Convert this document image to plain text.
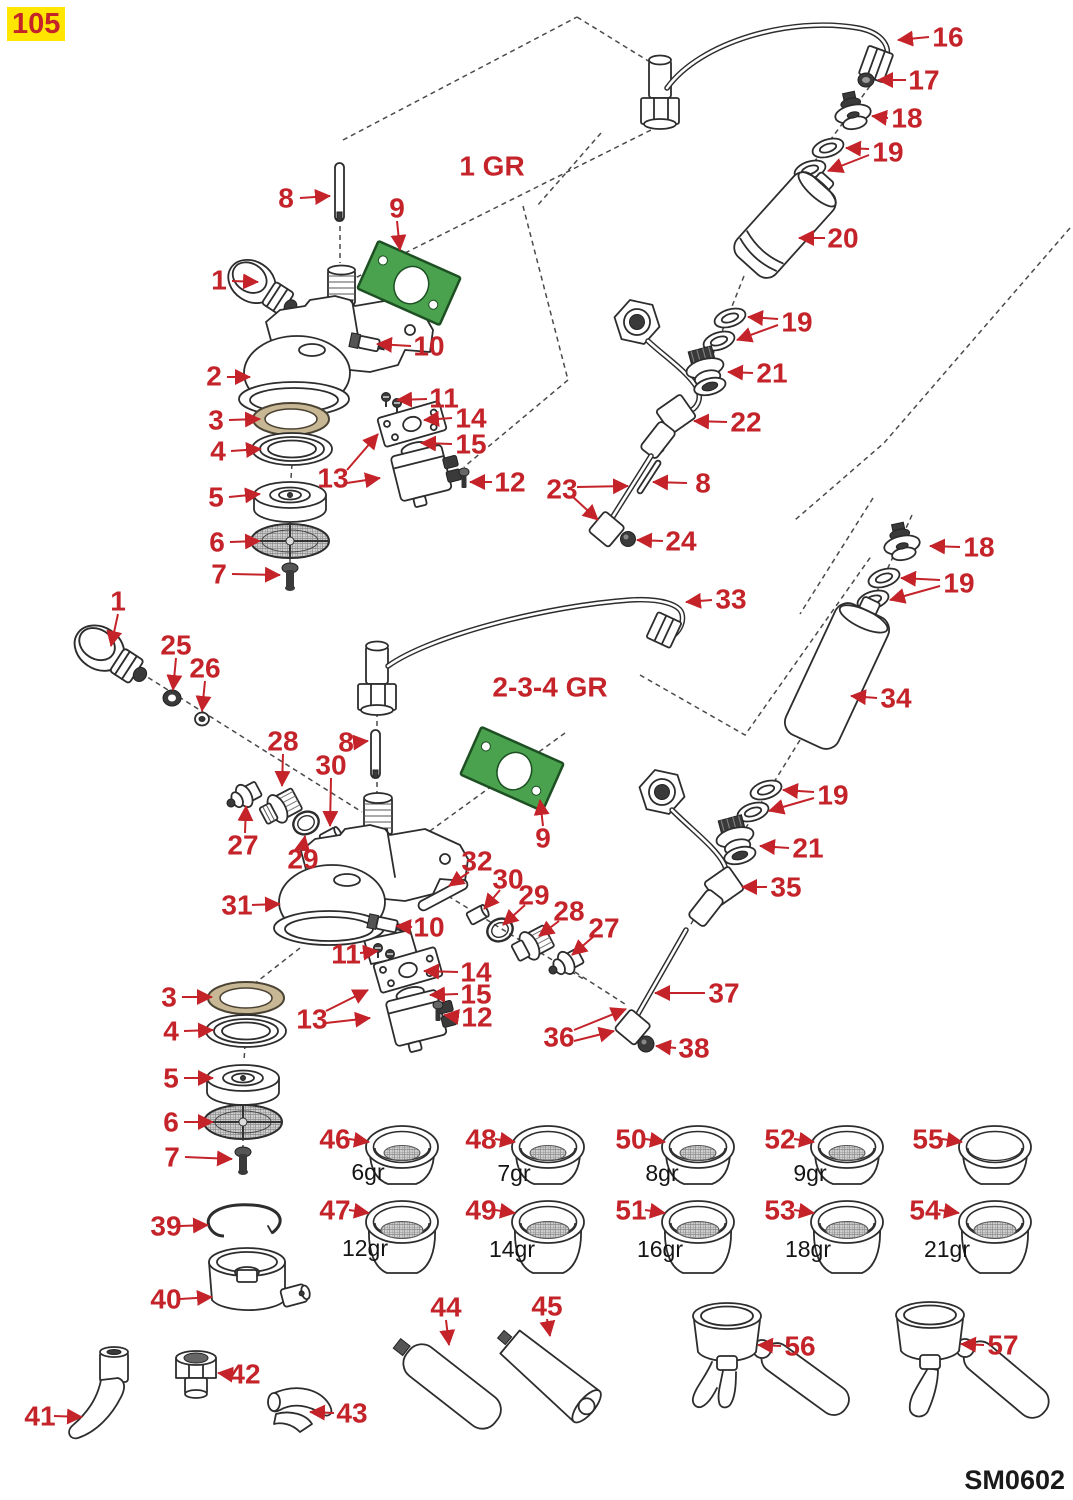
6gr	7gr	8gr	9gr
12gr	14gr	16gr	18gr	21gr
8	9
1
10
2
11
3	14
4	15
13	12
5
6
7
16
17
18
19
20
19
21
22
23	8
24
1
25
26
8
33
28
30
9
27 29
31
32
30
29
28
27
10
11
14
15
12
13
3
4
5
6
7
39
40
18
19
34
35
19
21
37
36	38
44 45
41
42
43
56	57
46	48	50	52	55
47	49	51	53	54
1 GR
2-3-4 GR
105
SM0602
